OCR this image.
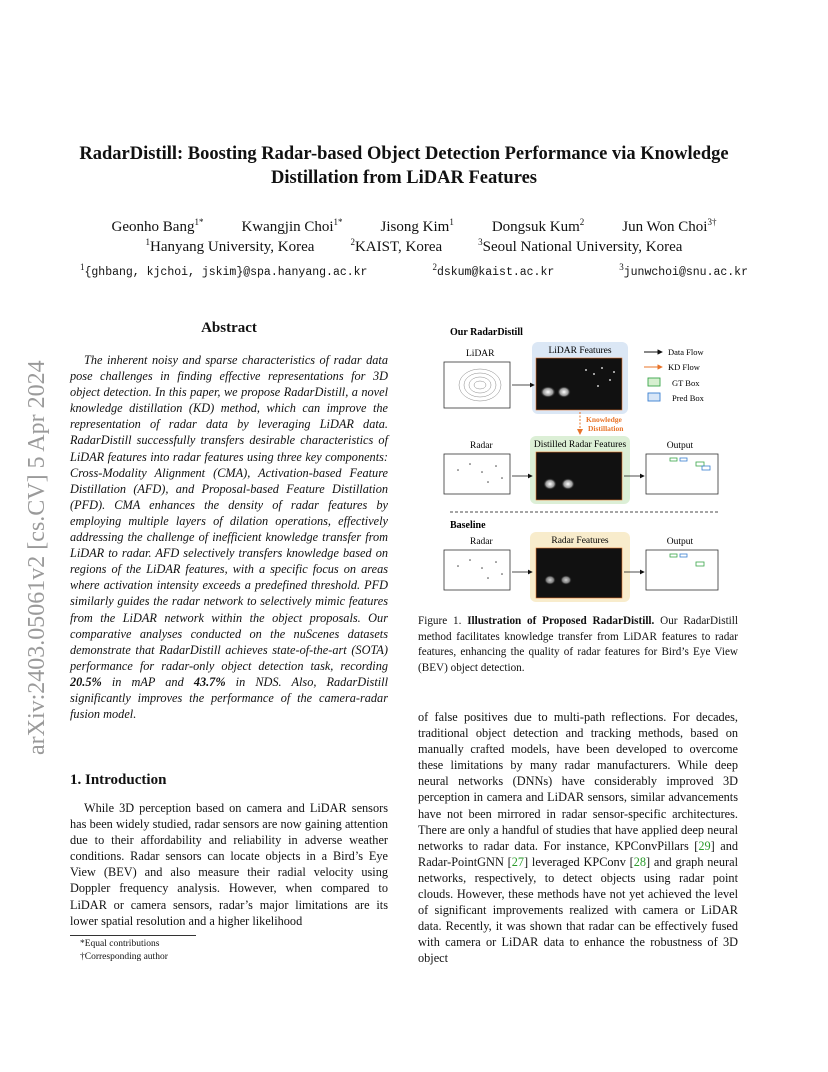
arXiv:2403.05061v2 [cs.CV] 5 Apr 2024
RadarDistill: Boosting Radar-based Object Detection Performance via Knowledge Distillation from LiDAR Features
Geonho Bang$^{1*}$	Kwangjin Choi$^{1*}$	Jisong Kim$^1$	Dongsuk Kum$^2$	Jun Won Choi$^{3\dagger}$
$^1$Hanyang University, Korea	$^2$KAIST, Korea	$^3$Seoul National University, Korea
$^1${ghbang, kjchoi, jskim}@spa.hanyang.ac.kr	$^2$dskum@kaist.ac.kr	$^3$junwchoi@snu.ac.kr
Abstract
The inherent noisy and sparse characteristics of radar data pose challenges in finding effective representations for 3D object detection. In this paper, we propose RadarDistill, a novel knowledge distillation (KD) method, which can improve the representation of radar data by leveraging LiDAR data. RadarDistill successfully transfers desirable characteristics of LiDAR features into radar features using three key components: Cross-Modality Alignment (CMA), Activation-based Feature Distillation (AFD), and Proposal-based Feature Distillation (PFD). CMA enhances the density of radar features by employing multiple layers of dilation operations, effectively addressing the challenge of inefficient knowledge transfer from LiDAR to radar. AFD selectively transfers knowledge based on regions of the LiDAR features, with a specific focus on areas where activation intensity exceeds a predefined threshold. PFD similarly guides the radar network to selectively mimic features from the LiDAR network within the object proposals. Our comparative analyses conducted on the nuScenes datasets demonstrate that RadarDistill achieves state-of-the-art (SOTA) performance for radar-only object detection task, recording 20.5% in mAP and 43.7% in NDS. Also, RadarDistill significantly improves the performance of the camera-radar fusion model.
1. Introduction
While 3D perception based on camera and LiDAR sensors has been widely studied, radar sensors are now gaining attention due to their affordability and reliability in adverse weather conditions. Radar sensors can locate objects in a Bird’s Eye View (BEV) and also measure their radial velocity using Doppler frequency analysis. However, when compared to LiDAR or camera sensors, radar’s major limitations are its lower spatial resolution and a higher likelihood
*Equal contributions
†Corresponding author
Our RadarDistill
LiDAR	LiDAR Features	Data Flow
KD Flow
GT Box
Pred Box
Knowledge
Distillation
Radar	Distilled Radar Features	Output
Baseline
Radar	Radar Features	Output
Figure 1. Illustration of Proposed RadarDistill. Our RadarDistill method facilitates knowledge transfer from LiDAR features to radar features, enhancing the quality of radar features for Bird’s Eye View (BEV) object detection.
of false positives due to multi-path reflections. For decades, traditional object detection and tracking methods, based on manually crafted models, have been developed to overcome these limitations by many radar manufacturers. While deep neural networks (DNNs) have considerably improved 3D perception in camera and LiDAR sensors, similar advancements have not been mirrored in radar sensor-specific architectures. There are only a handful of studies that have applied deep neural networks to radar data. For instance, KPConvPillars [29] and Radar-PointGNN [27] leveraged KPConv [28] and graph neural networks, respectively, to detect objects using radar point clouds. However, these methods have not yet achieved the level of significant improvements realized with camera or LiDAR data. Recently, it was shown that radar can be effectively fused with camera or LiDAR data to enhance the robustness of 3D object
